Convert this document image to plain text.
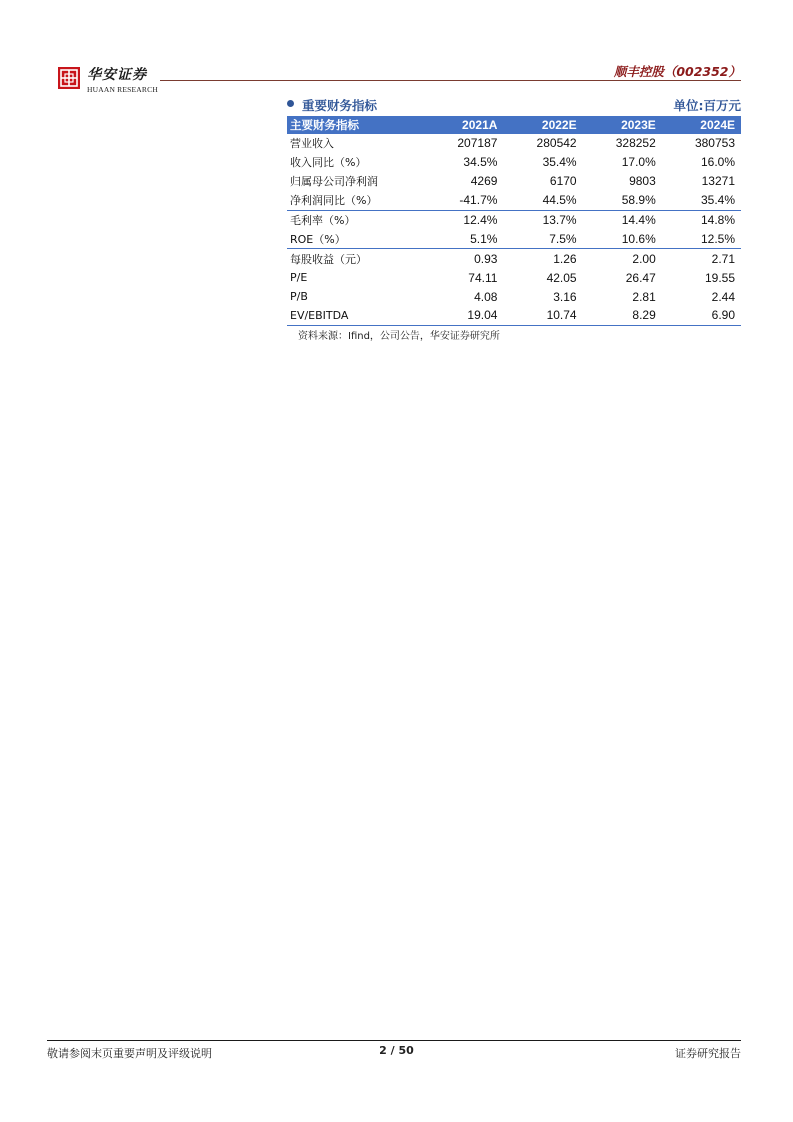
华安证券
HUAAN RESEARCH
顺丰控股（002352）
重要财务指标	单位:百万元
主要财务指标	2021A	2022E	2023E	2024E
营业收入	207187	280542	328252	380753
收入同比（%）	34.5%	35.4%	17.0%	16.0%
归属母公司净利润	4269	6170	9803	13271
净利润同比（%）	-41.7%	44.5%	58.9%	35.4%
毛利率（%）	12.4%	13.7%	14.4%	14.8%
ROE（%）	5.1%	7.5%	10.6%	12.5%
每股收益（元）	0.93	1.26	2.00	2.71
P/E	74.11	42.05	26.47	19.55
P/B	4.08	3.16	2.81	2.44
EV/EBITDA	19.04	10.74	8.29	6.90
资料来源：Ifind，公司公告，华安证券研究所
敬请参阅末页重要声明及评级说明	2 / 50	证券研究报告
